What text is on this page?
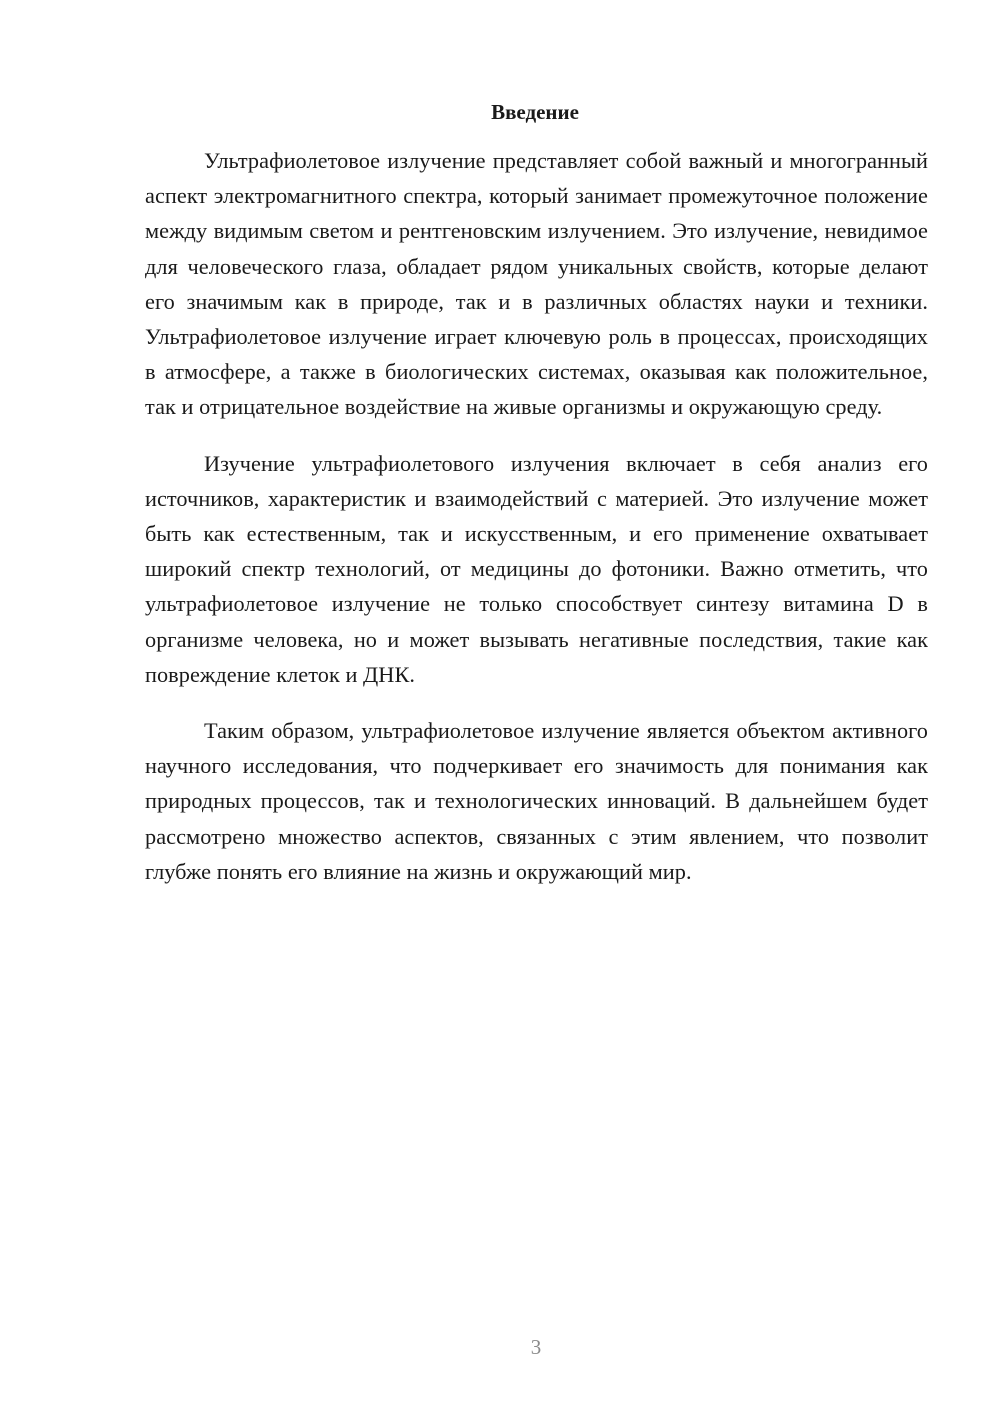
Введение

Ультрафиолетовое излучение представляет собой важный и многогранный аспект электромагнитного спектра, который занимает промежуточное положение между видимым светом и рентгеновским излучением. Это излучение, невидимое для человеческого глаза, обладает рядом уникальных свойств, которые делают его значимым как в природе, так и в различных областях науки и техники. Ультрафиолетовое излучение играет ключевую роль в процессах, происходящих в атмосфере, а также в биологических системах, оказывая как положительное, так и отрицательное воздействие на живые организмы и окружающую среду.

Изучение ультрафиолетового излучения включает в себя анализ его источников, характеристик и взаимодействий с материей. Это излучение может быть как естественным, так и искусственным, и его применение охватывает широкий спектр технологий, от медицины до фотоники. Важно отметить, что ультрафиолетовое излучение не только способствует синтезу витамина D в организме человека, но и может вызывать негативные последствия, такие как повреждение клеток и ДНК.

Таким образом, ультрафиолетовое излучение является объектом активного научного исследования, что подчеркивает его значимость для понимания как природных процессов, так и технологических инноваций. В дальнейшем будет рассмотрено множество аспектов, связанных с этим явлением, что позволит глубже понять его влияние на жизнь и окружающий мир.

3
